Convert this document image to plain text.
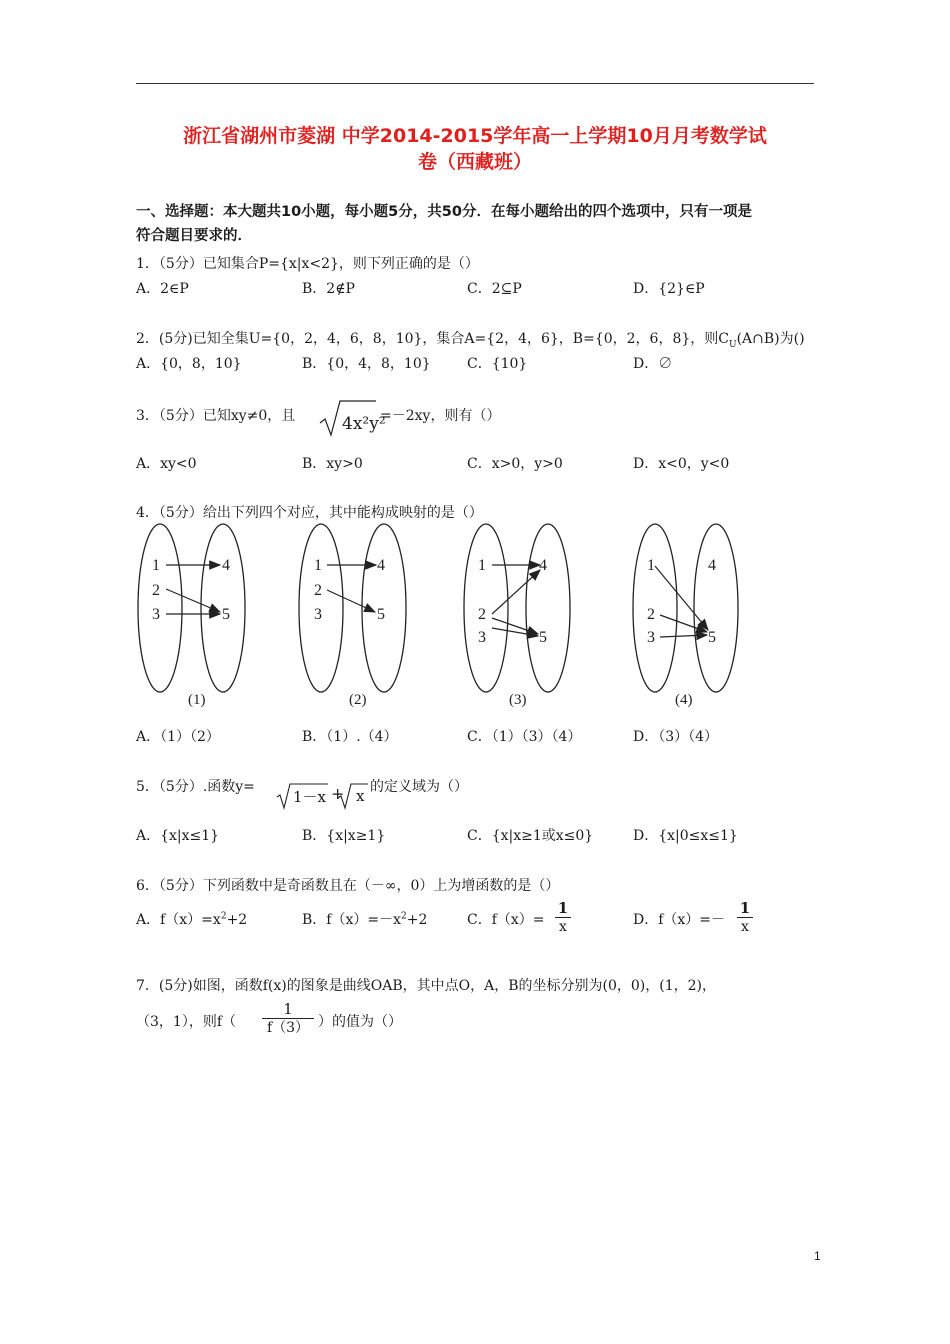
浙江省湖州市菱湖 中学2014-2015学年高一上学期10月月考数学试
卷（西藏班）
一、选择题：本大题共10小题，每小题5分，共50分．在每小题给出的四个选项中，只有一项是
符合题目要求的．
1．（5分）已知集合P={x|x<2}，则下列正确的是（）
A．2∈P	B．2∉P	C．2⊆P	D．{2}∈P
2．(5分)已知全集U={0，2，4，6，8，10}，集合A={2，4，6}，B={0，2，6，8}，则$C_U(A\cap B)$为()
A．{0，8，10}	B．{0，4，8，10}	C．{10}	D．∅
3．（5分）已知xy≠0，且	4x²y²
=－2xy，则有（）
A．xy<0	B．xy>0	C．x>0，y>0	D．x<0，y<0
4．（5分）给出下列四个对应，其中能构成映射的是（）
1
2
3
4
5
(1)
1
2
3
4
5
(2)
1
2
3
4
5
(3)
1
2
3
4
5
(4)
A．（1）（2）	B．（1）.（4）	C．（1）（3）（4）	D．（3）（4）
5．（5分）.函数y=
1－x + x 的定义域为（）
A．{x|x≤1}	B．{x|x≥1}	C．{x|x≥1或x≤0}	D．{x|0≤x≤1}
6．（5分）下列函数中是奇函数且在（－∞，0）上为增函数的是（）
A．$f(x)=x^2+2$	B．$f(x)=-x^2+2$	C．$f(x)= \frac{1}{x}$	D．$f(x)=- \frac{1}{x}$
7．(5分)如图，函数f(x)的图象是曲线OAB，其中点O，A，B的坐标分别为(0，0)，(1，2)，
（3，1），则$f( \frac{1}{f(3)}$ ）的值为（）
1
